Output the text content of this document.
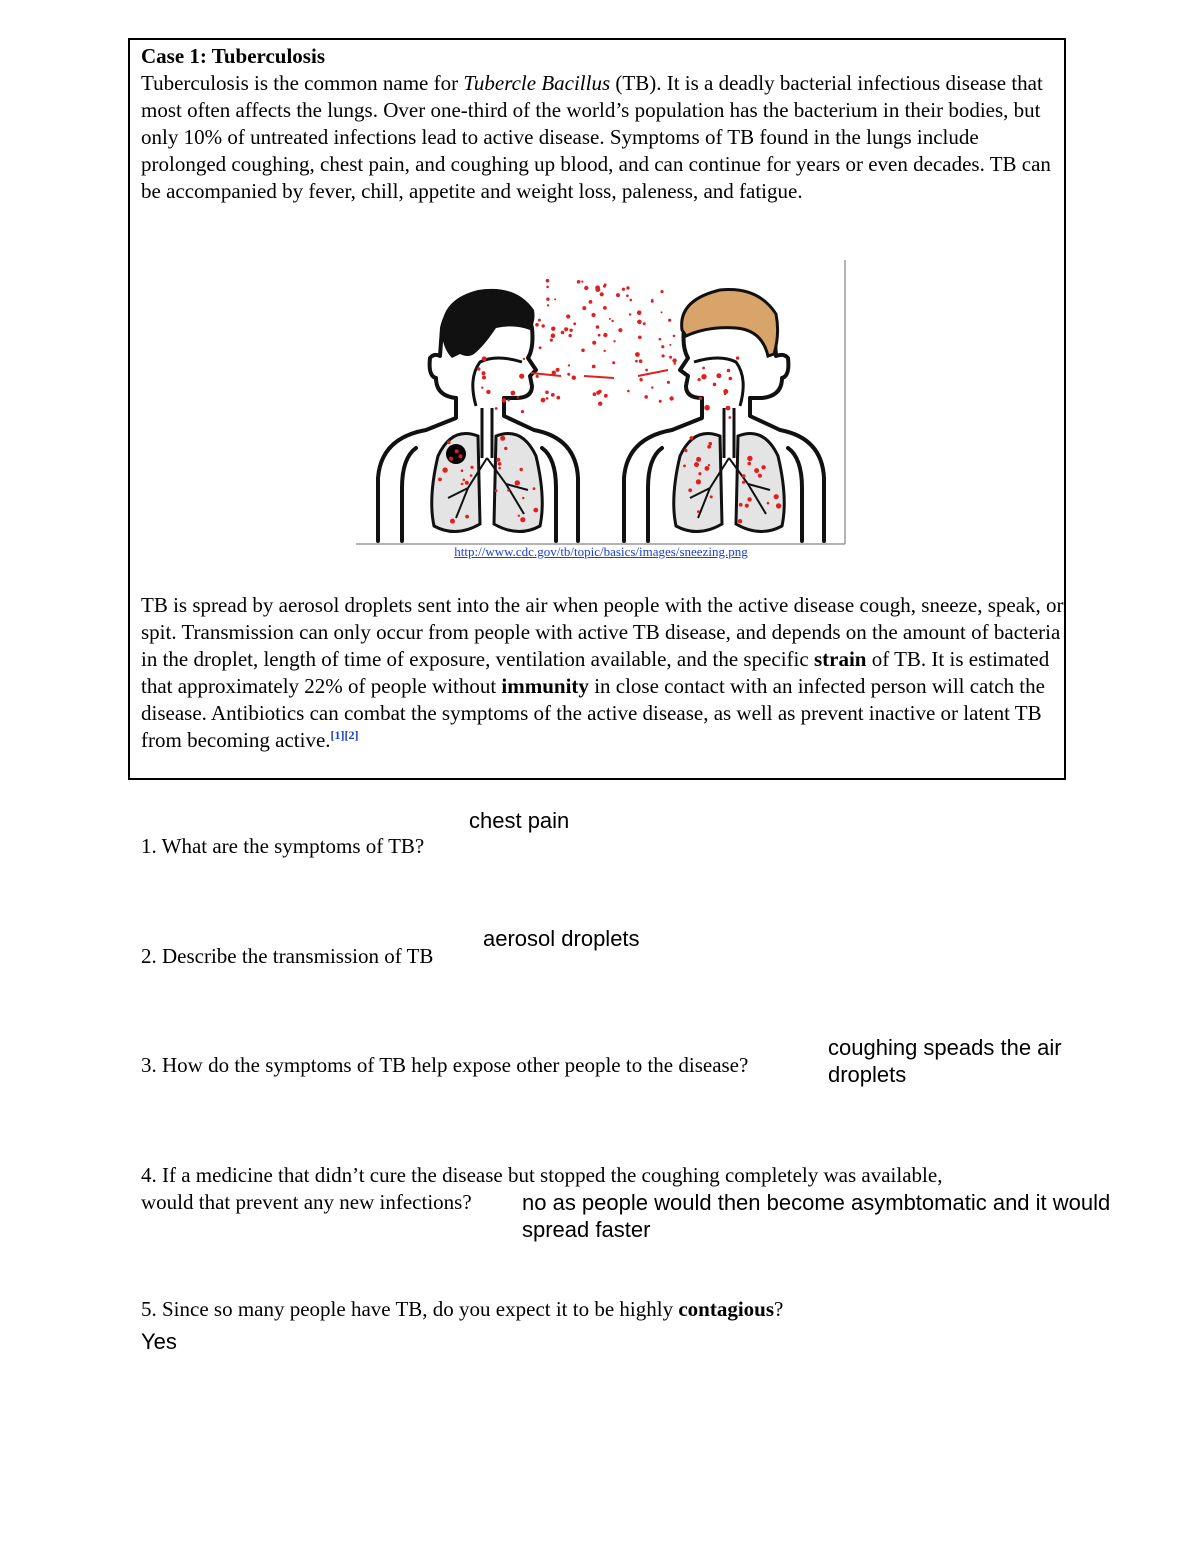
Case 1: Tuberculosis
Tuberculosis is the common name for Tubercle Bacillus (TB). It is a deadly bacterial infectious disease that most often affects the lungs. Over one-third of the world’s population has the bacterium in their bodies, but only 10% of untreated infections lead to active disease. Symptoms of TB found in the lungs include prolonged coughing, chest pain, and coughing up blood, and can continue for years or even decades. TB can be accompanied by fever, chill, appetite and weight loss, paleness, and fatigue.

http://www.cdc.gov/tb/topic/basics/images/sneezing.png

TB is spread by aerosol droplets sent into the air when people with the active disease cough, sneeze, speak, or spit. Transmission can only occur from people with active TB disease, and depends on the amount of bacteria in the droplet, length of time of exposure, ventilation available, and the specific strain of TB. It is estimated that approximately 22% of people without immunity in close contact with an infected person will catch the disease. Antibiotics can combat the symptoms of the active disease, as well as prevent inactive or latent TB from becoming active.[1][2]

1. What are the symptoms of TB?

chest pain

2. Describe the transmission of TB

aerosol droplets

3. How do the symptoms of TB help expose other people to the disease?

coughing speads the air
droplets

4. If a medicine that didn’t cure the disease but stopped the coughing completely was available,
would that prevent any new infections?	no as people would then become asymbtomatic and it would
spread faster

5. Since so many people have TB, do you expect it to be highly contagious?

Yes
